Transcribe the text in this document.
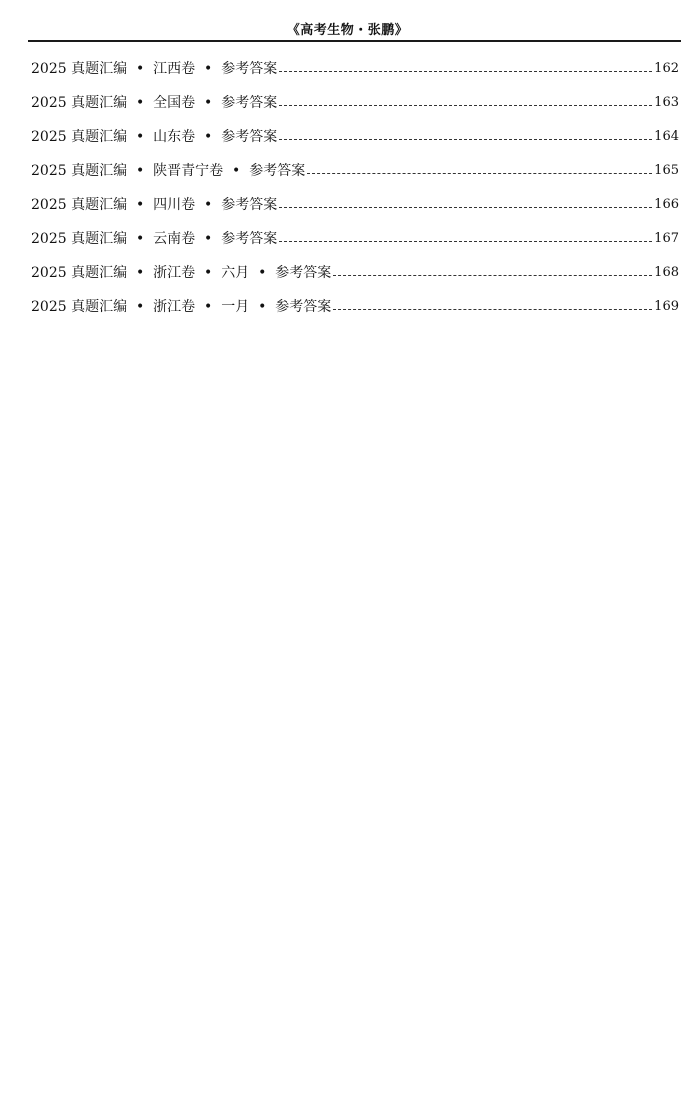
《高考生物・张鹏》
2025 真题汇编  •  江西卷  •  参考答案	162
2025 真题汇编  •  全国卷  •  参考答案	163
2025 真题汇编  •  山东卷  •  参考答案	164
2025 真题汇编  •  陕晋青宁卷  •  参考答案	165
2025 真题汇编  •  四川卷  •  参考答案	166
2025 真题汇编  •  云南卷  •  参考答案	167
2025 真题汇编  •  浙江卷  •  六月  •  参考答案	168
2025 真题汇编  •  浙江卷  •  一月  •  参考答案	169
